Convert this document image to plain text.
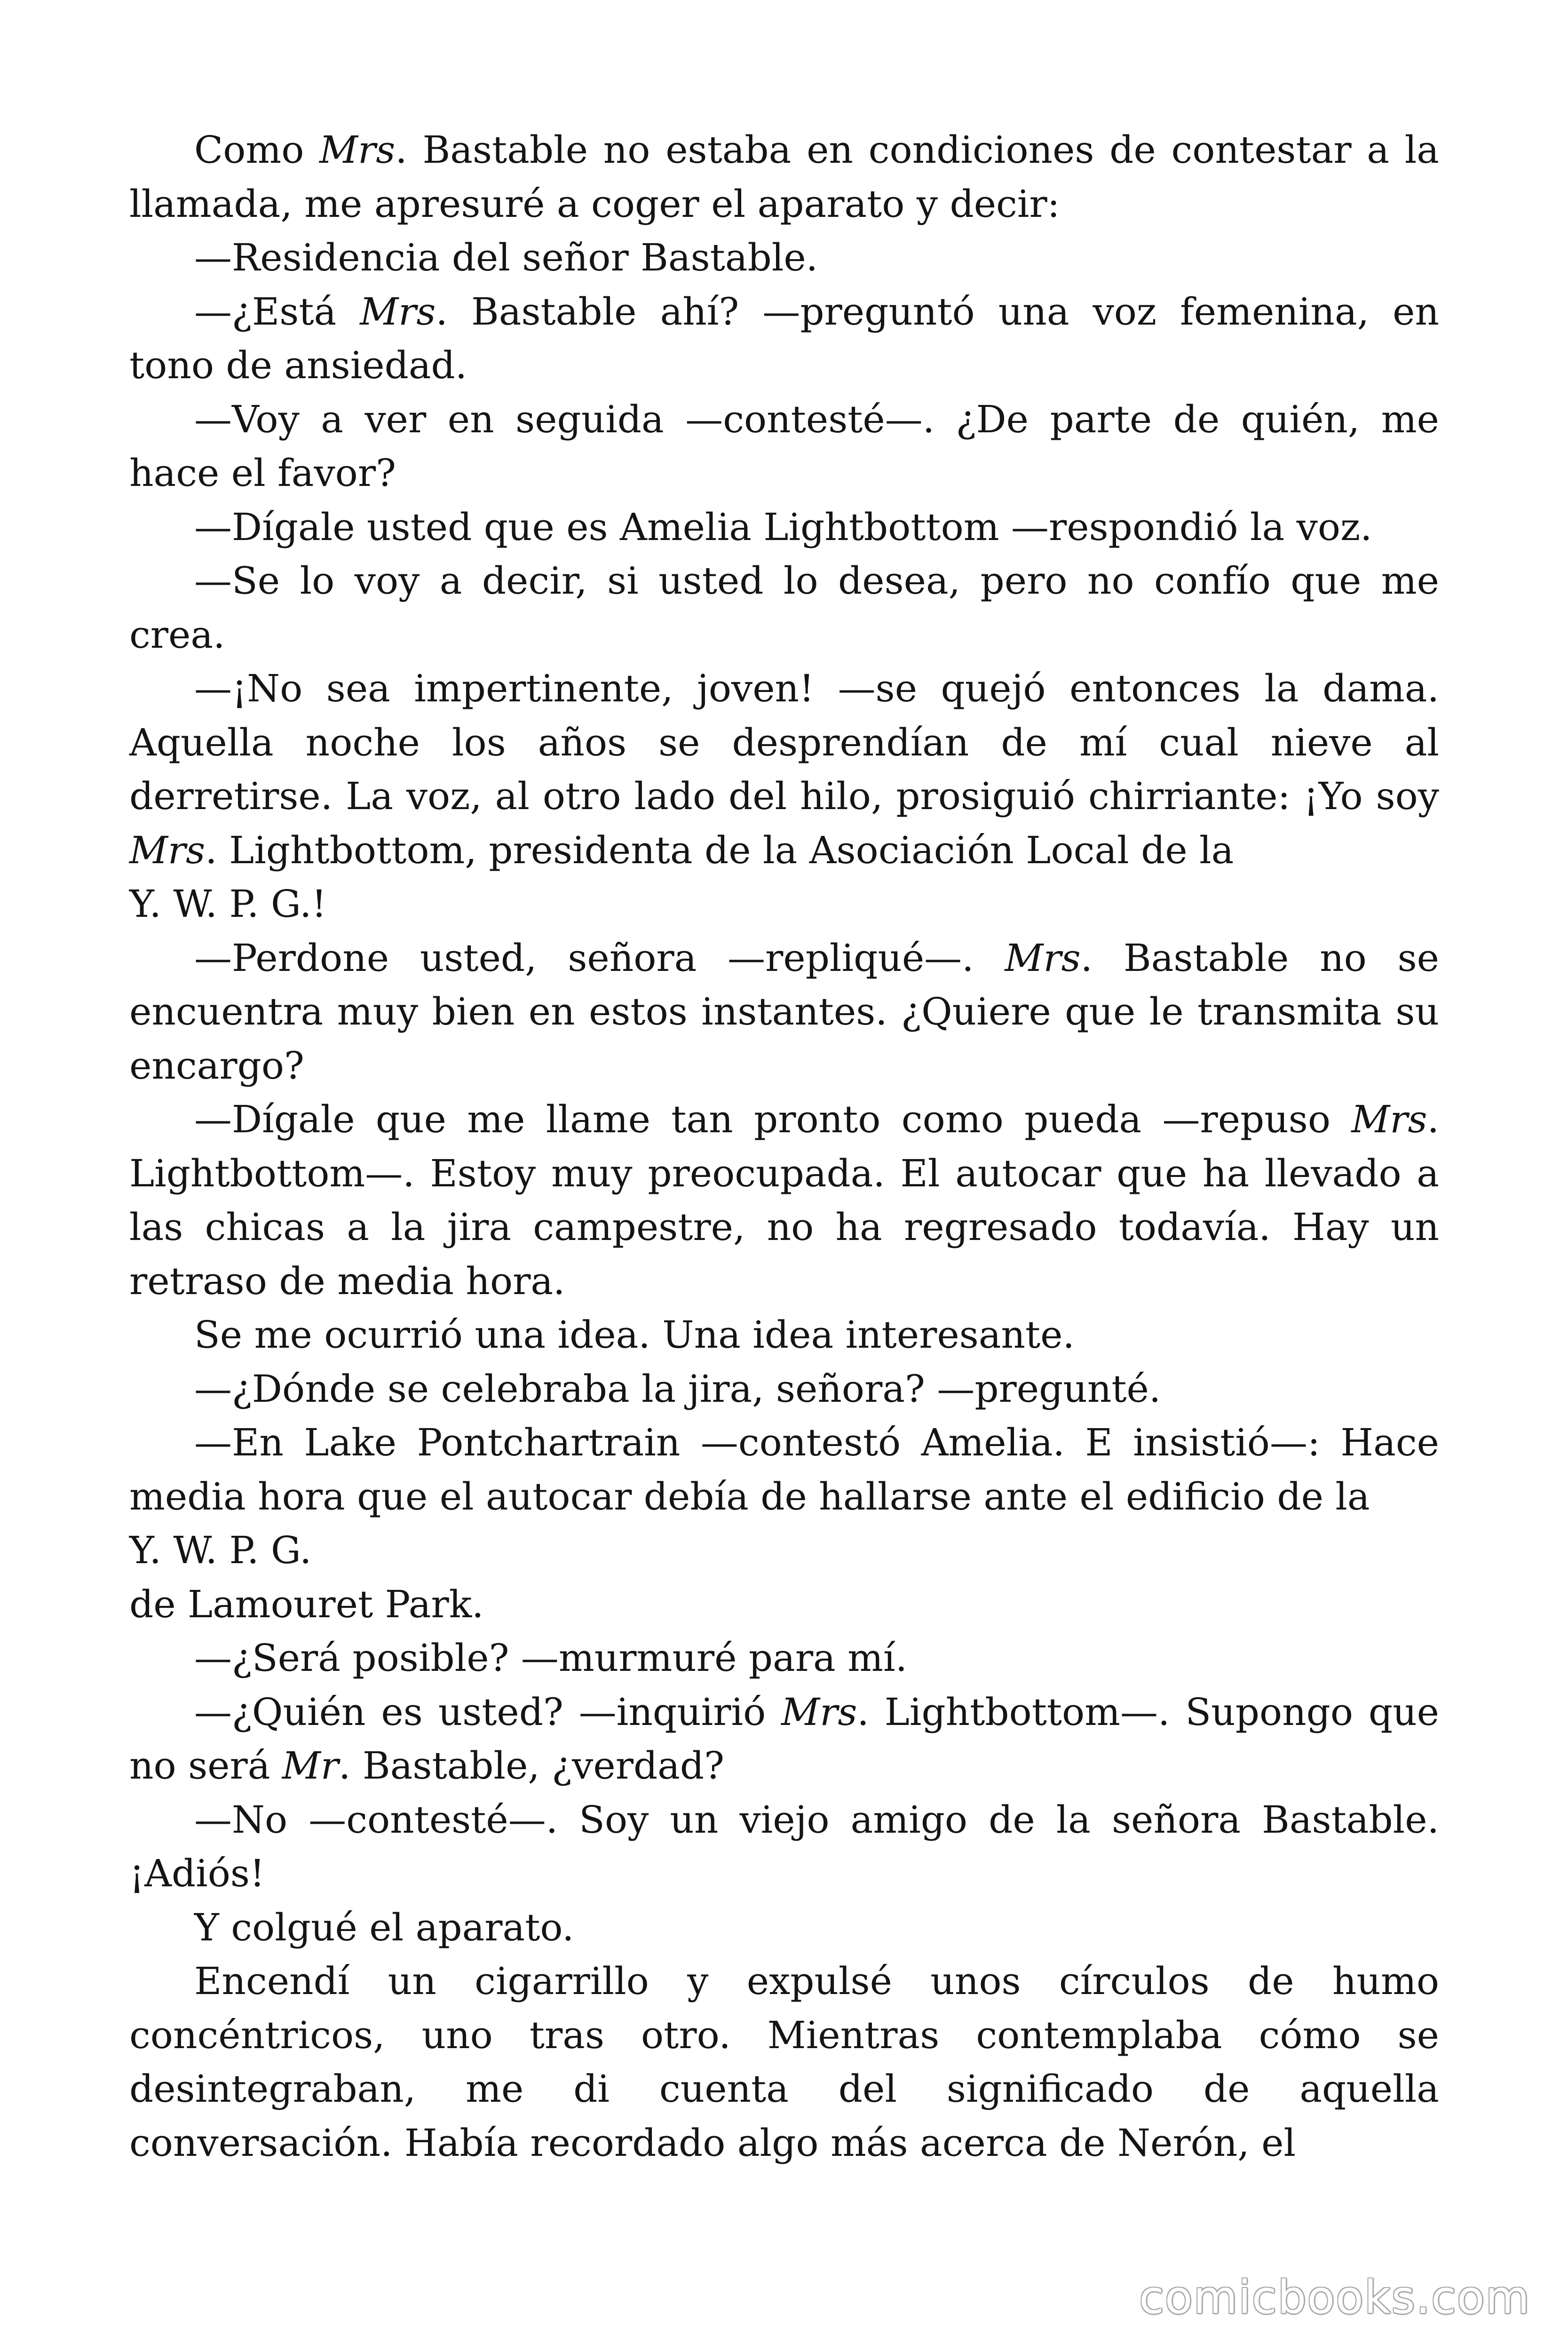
Como Mrs. Bastable no estaba en condiciones de contestar a la llamada, me apresuré a coger el aparato y decir:

—Residencia del señor Bastable.

—¿Está Mrs. Bastable ahí? —preguntó una voz femenina, en tono de ansiedad.

—Voy a ver en seguida —contesté—. ¿De parte de quién, me hace el favor?

—Dígale usted que es Amelia Lightbottom —respondió la voz.

—Se lo voy a decir, si usted lo desea, pero no confío que me crea.

—¡No sea impertinente, joven! —se quejó entonces la dama. Aquella noche los años se desprendían de mí cual nieve al derretirse. La voz, al otro lado del hilo, prosiguió chirriante: ¡Yo soy Mrs. Lightbottom, presidenta de la Asociación Local de la

Y. W. P. G.!

—Perdone usted, señora —repliqué—. Mrs. Bastable no se encuentra muy bien en estos instantes. ¿Quiere que le transmita su encargo?

—Dígale que me llame tan pronto como pueda —repuso Mrs. Lightbottom—. Estoy muy preocupada. El autocar que ha llevado a las chicas a la jira campestre, no ha regresado todavía. Hay un retraso de media hora.

Se me ocurrió una idea. Una idea interesante.

—¿Dónde se celebraba la jira, señora? —pregunté.

—En Lake Pontchartrain —contestó Amelia. E insistió—: Hace media hora que el autocar debía de hallarse ante el edificio de la

Y. W. P. G.

de Lamouret Park.

—¿Será posible? —murmuré para mí.

—¿Quién es usted? —inquirió Mrs. Lightbottom—. Supongo que no será Mr. Bastable, ¿verdad?

—No —contesté—. Soy un viejo amigo de la señora Bastable. ¡Adiós!

Y colgué el aparato.

Encendí un cigarrillo y expulsé unos círculos de humo concéntricos, uno tras otro. Mientras contemplaba cómo se desintegraban, me di cuenta del significado de aquella conversación. Había recordado algo más acerca de Nerón, el

comicbooks.com
